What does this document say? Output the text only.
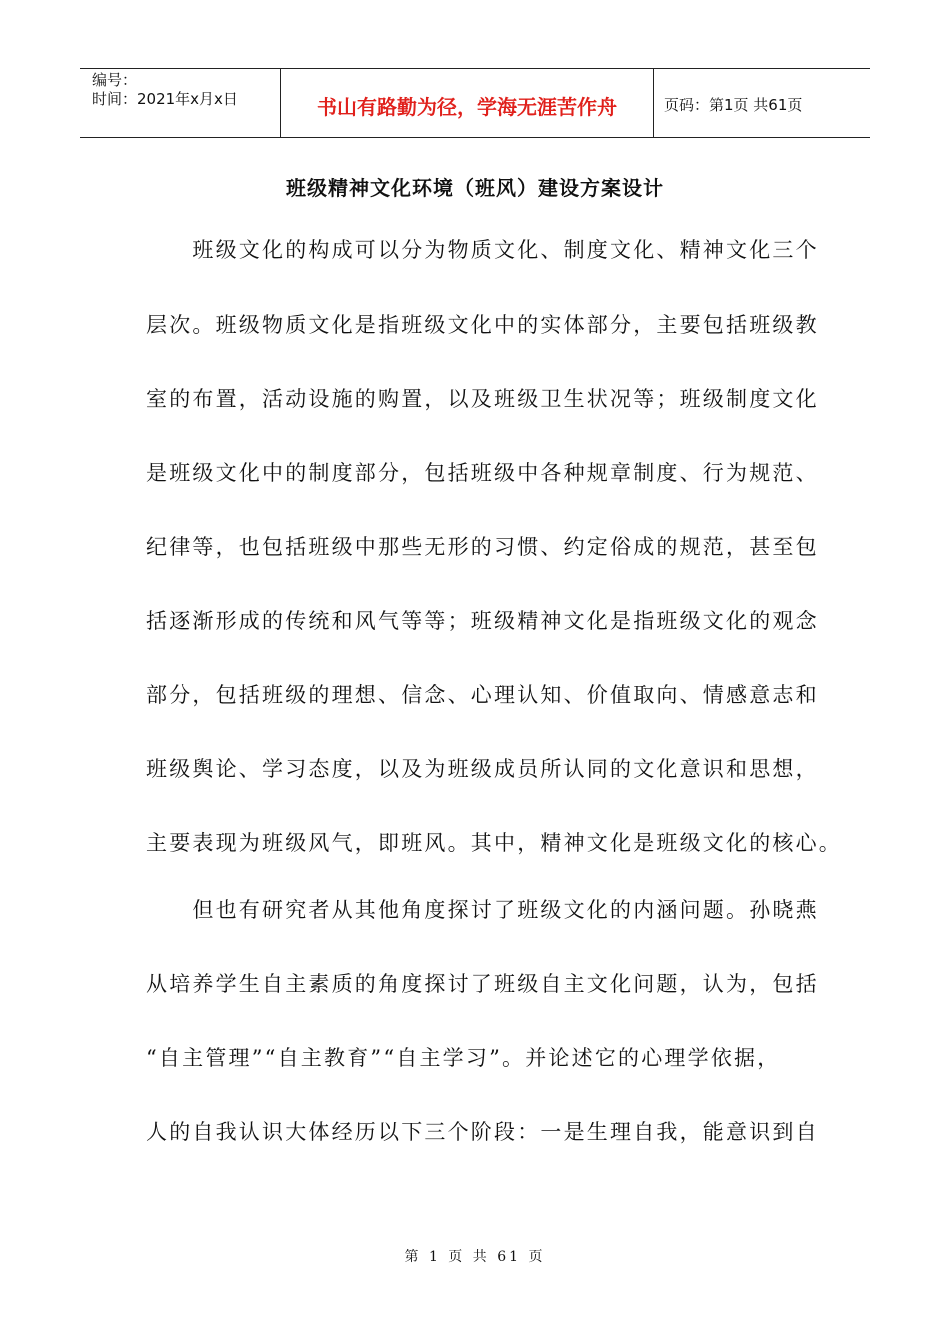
编号：
时间：2021年x月x日	书山有路勤为径，学海无涯苦作舟	页码：第1页 共61页
班级精神文化环境（班风）建设方案设计
　　班级文化的构成可以分为物质文化、制度文化、精神文化三个
层次。班级物质文化是指班级文化中的实体部分，主要包括班级教
室的布置，活动设施的购置，以及班级卫生状况等；班级制度文化
是班级文化中的制度部分，包括班级中各种规章制度、行为规范、
纪律等，也包括班级中那些无形的习惯、约定俗成的规范，甚至包
括逐渐形成的传统和风气等等；班级精神文化是指班级文化的观念
部分，包括班级的理想、信念、心理认知、价值取向、情感意志和
班级舆论、学习态度，以及为班级成员所认同的文化意识和思想，
主要表现为班级风气，即班风。其中，精神文化是班级文化的核心。
　　但也有研究者从其他角度探讨了班级文化的内涵问题。孙晓燕
从培养学生自主素质的角度探讨了班级自主文化问题，认为，包括
“自主管理”“自主教育”“自主学习”。并论述它的心理学依据，
人的自我认识大体经历以下三个阶段：一是生理自我，能意识到自
第 1 页 共 61 页
